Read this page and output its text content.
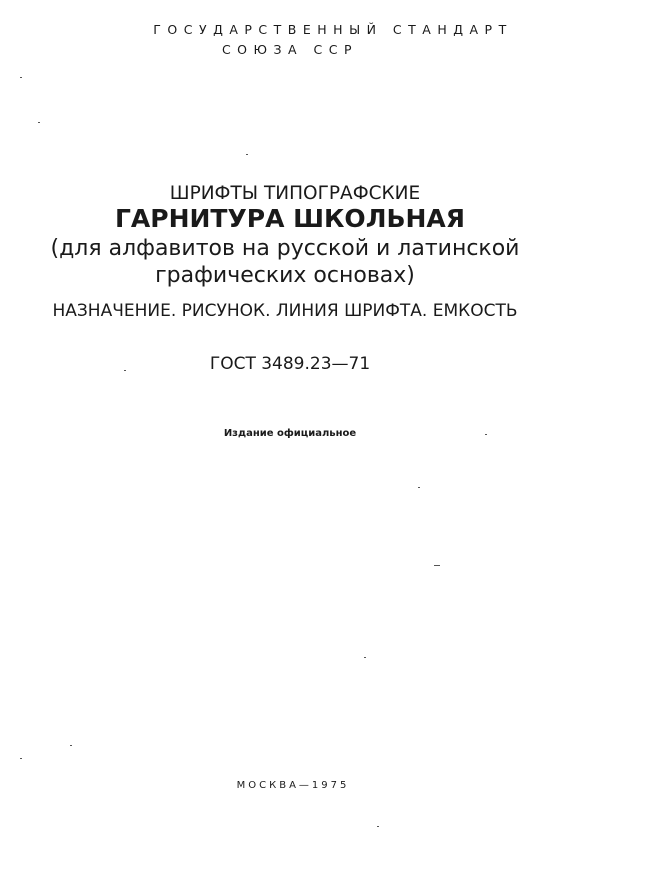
ГОСУДАРСТВЕННЫЙ СТАНДАРТ
СОЮЗА ССР
ШРИФТЫ ТИПОГРАФСКИЕ
ГАРНИТУРА ШКОЛЬНАЯ
(для алфавитов на русской и латинской
графических основах)
НАЗНАЧЕНИЕ. РИСУНОК. ЛИНИЯ ШРИФТА. ЕМКОСТЬ
ГОСТ 3489.23—71
Издание официальное
МОСКВА—1975
